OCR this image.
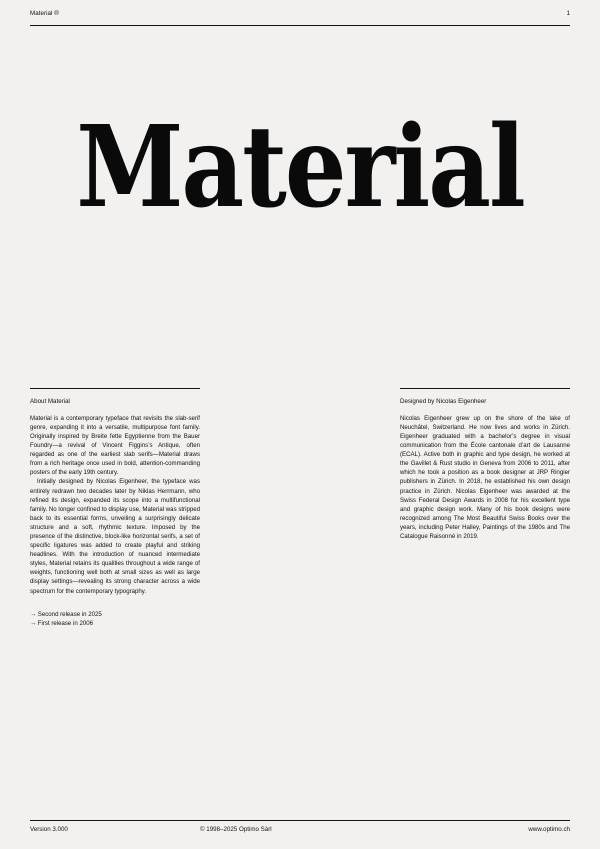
Material ®	1
Material
About Material

Material is a contemporary typeface that revisits the slab-serif genre, expanding it into a versatile, multipurpose font family. Originally inspired by Breite fette Egyptienne from the Bauer Foundry—a revival of Vincent Figgins’s Antique, often regarded as one of the earliest slab serifs—Material draws from a rich heritage once used in bold, attention-commanding posters of the early 19th century.

Initially designed by Nicolas Eigenheer, the typeface was entirely redrawn two decades later by Niklas Herrmann, who refined its design, expanded its scope into a multifunctional family. No longer confined to display use, Material was stripped back to its essential forms, unveiling a surprisingly delicate structure and a soft, rhythmic texture. Imposed by the presence of the distinctive, block-like horizontal serifs, a set of specific ligatures was added to create playful and striking headlines. With the introduction of nuanced intermediate styles, Material retains its qualities throughout a wide range of weights, functioning well both at small sizes as well as large display settings—revealing its strong character across a wide spectrum for the contemporary typography.

→ Second release in 2025
→ First release in 2006
Designed by Nicolas Eigenheer

Nicolas Eigenheer grew up on the shore of the lake of Neuchâtel, Switzerland. He now lives and works in Zürich. Eigenheer graduated with a bachelor’s degree in visual communication from the École cantonale d’art de Lausanne (ECAL). Active both in graphic and type design, he worked at the Gavillet & Rust studio in Geneva from 2006 to 2011, after which he took a position as a book designer at JRP Ringier publishers in Zürich. In 2018, he established his own design practice in Zürich. Nicolas Eigenheer was awarded at the Swiss Federal Design Awards in 2008 for his excellent type and graphic design work. Many of his book designs were recognized among The Most Beautiful Swiss Books over the years, including Peter Halley, Paintings of the 1980s and The Catalogue Raisonné in 2019.

Version 3.000	© 1998–2025 Optimo Sàrl	www.optimo.ch
